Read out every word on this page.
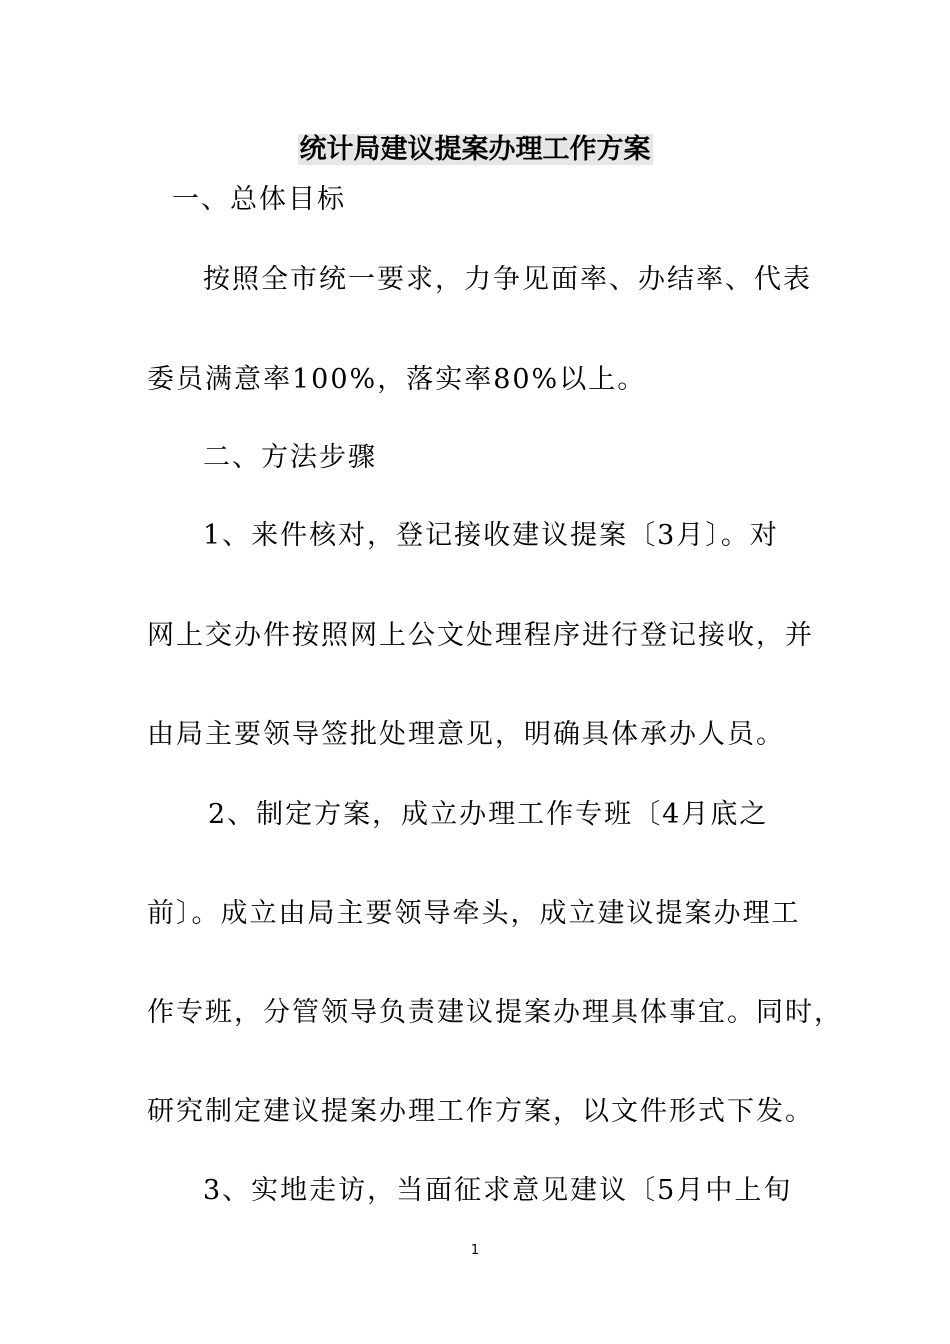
统计局建议提案办理工作方案
一、总体目标
按照全市统一要求，力争见面率、办结率、代表
委员满意率100%，落实率80%以上。
二、方法步骤
1、来件核对，登记接收建议提案〔3月〕。对
网上交办件按照网上公文处理程序进行登记接收，并
由局主要领导签批处理意见，明确具体承办人员。
2、制定方案，成立办理工作专班〔4月底之
前〕。成立由局主要领导牵头，成立建议提案办理工
作专班，分管领导负责建议提案办理具体事宜。同时，
研究制定建议提案办理工作方案，以文件形式下发。
3、实地走访，当面征求意见建议〔5月中上旬
1
